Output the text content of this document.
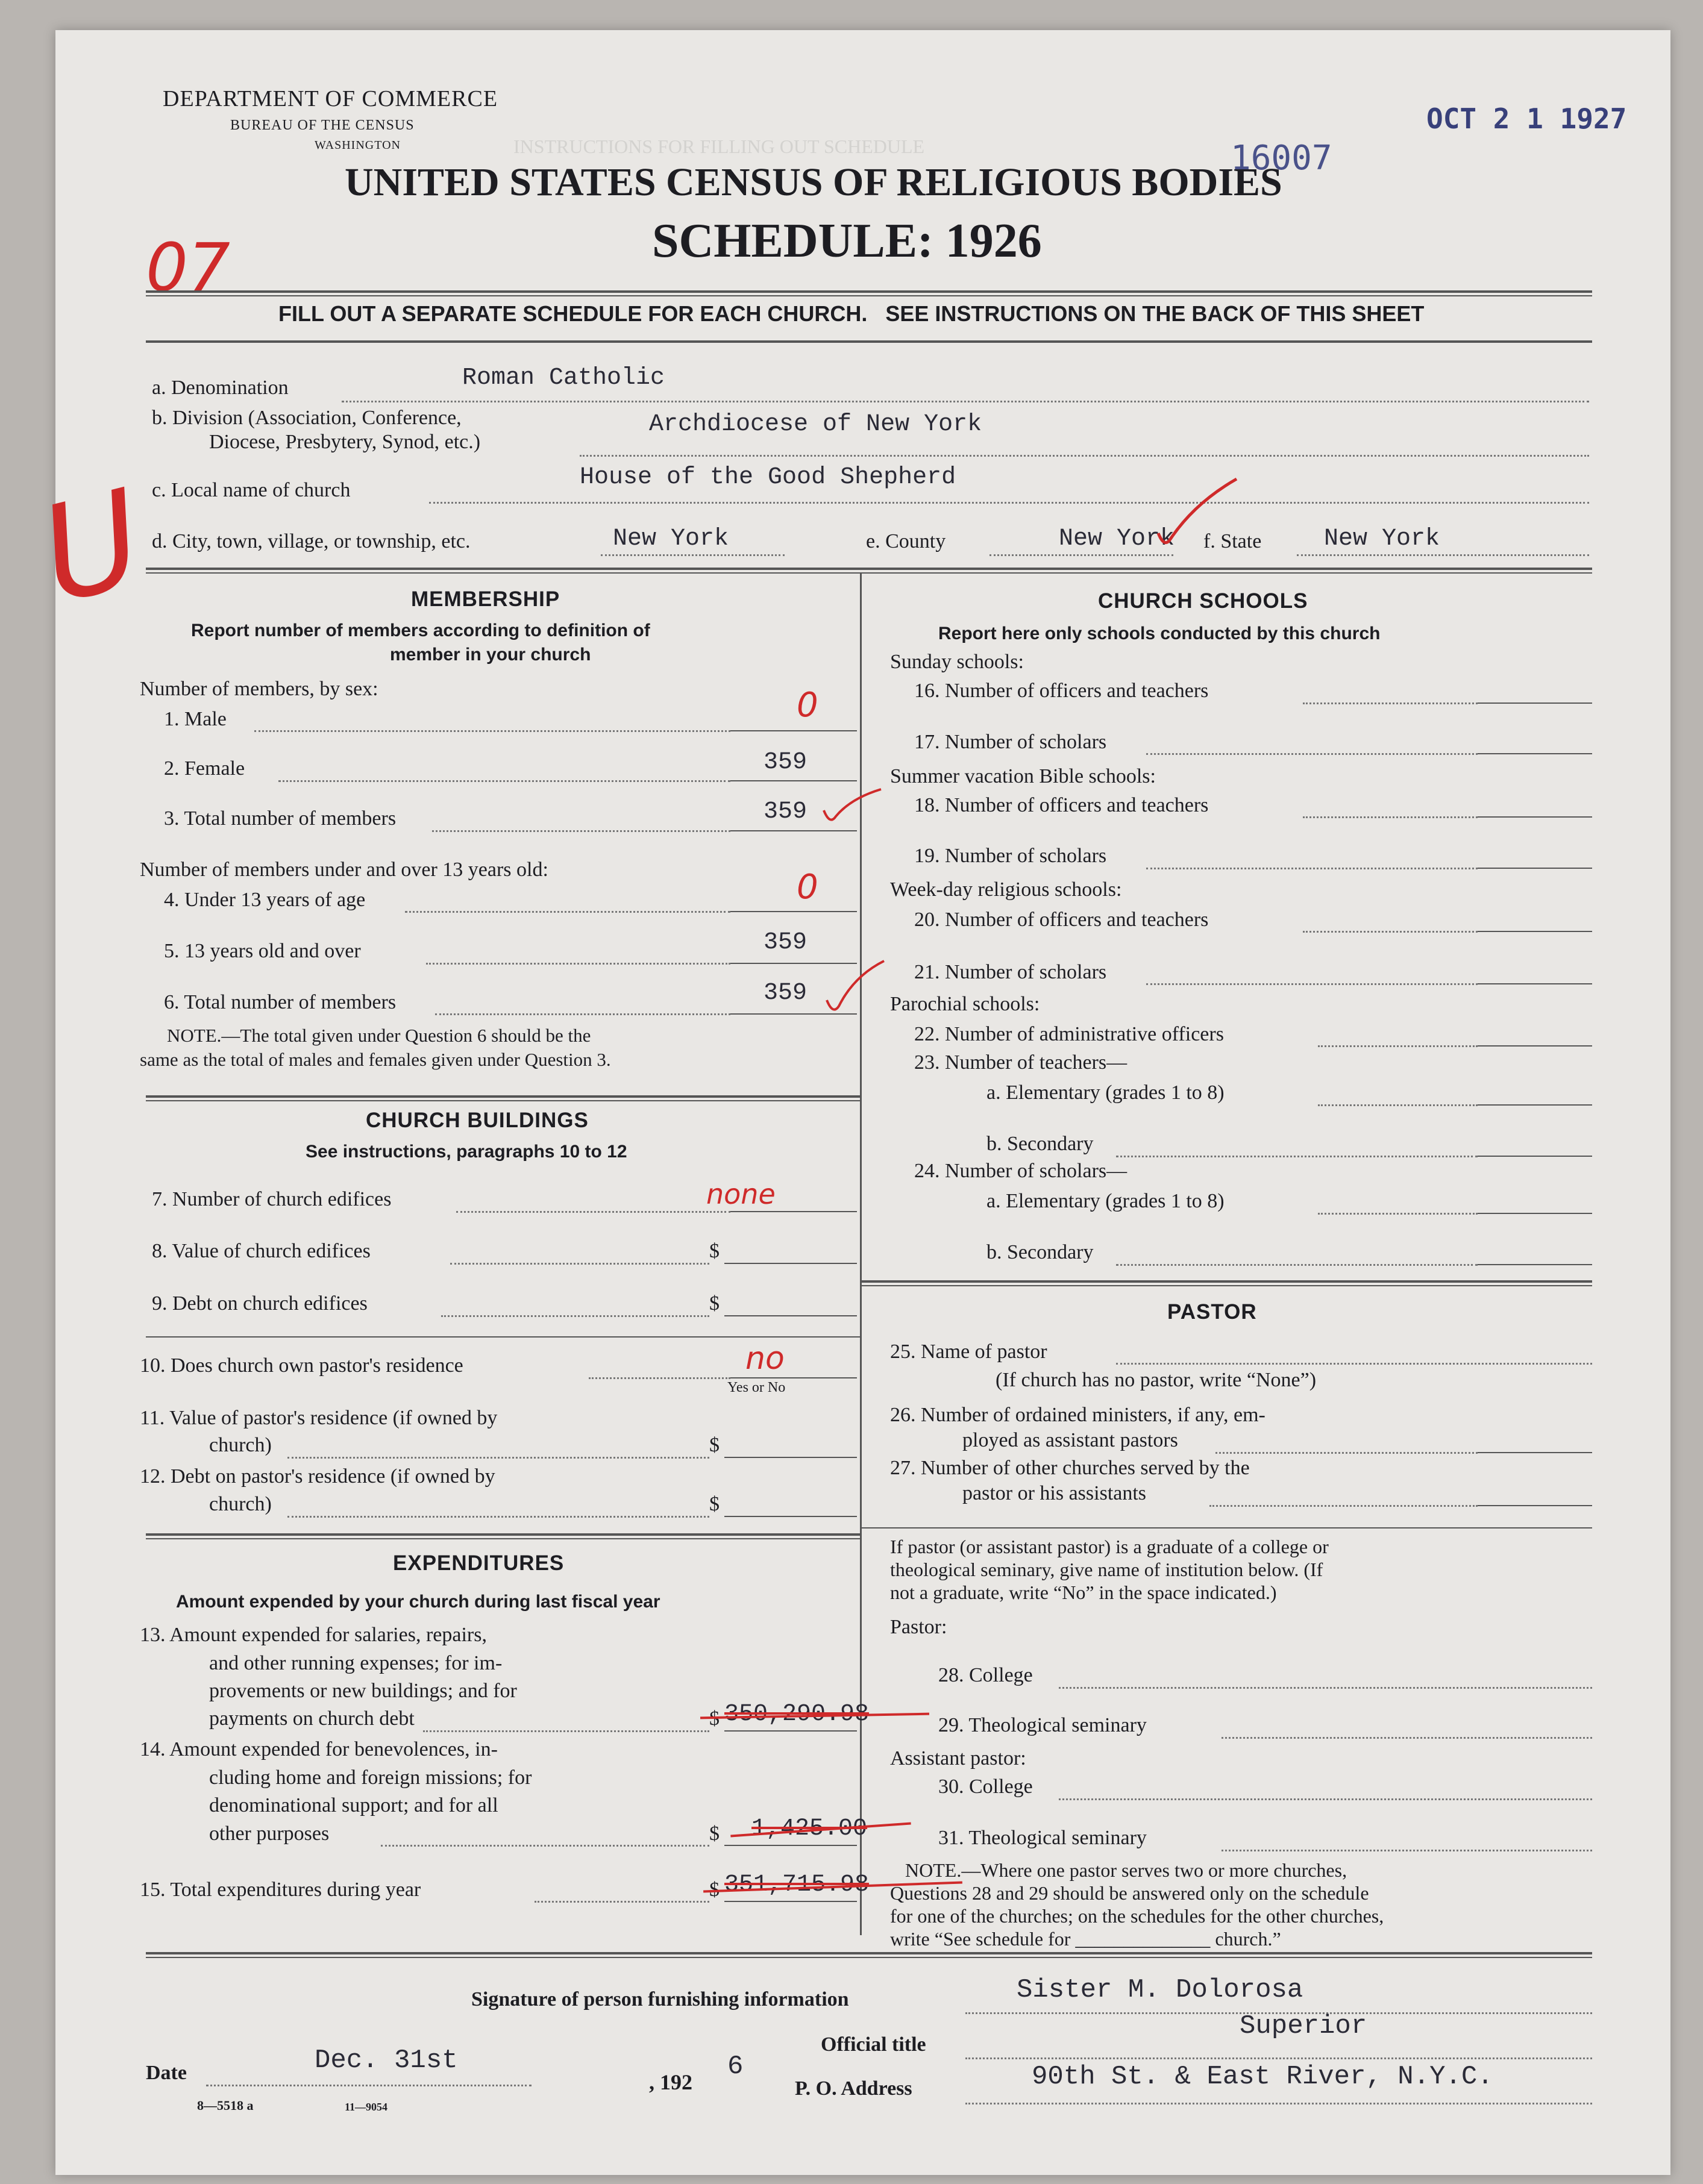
INSTRUCTIONS FOR FILLING OUT SCHEDULE
DEPARTMENT OF COMMERCE
BUREAU OF THE CENSUS
WASHINGTON
OCT 2 1 1927
16007
UNITED STATES CENSUS OF RELIGIOUS BODIES
SCHEDULE: 1926
07
FILL OUT A SEPARATE SCHEDULE FOR EACH CHURCH.   SEE INSTRUCTIONS ON THE BACK OF THIS SHEET
U
a. Denomination	Roman Catholic
b. Division (Association, Conference,
Diocese, Presbytery, Synod, etc.)
Archdiocese of New York
c. Local name of church	House of the Good Shepherd
d. City, town, village, or township, etc.	New York	e. County	New York f. State	New York
MEMBERSHIP
Report number of members according to definition of
member in your church
Number of members, by sex:
1. Male	0
2. Female	359
3. Total number of members	359
Number of members under and over 13 years old:
4. Under 13 years of age	0
5. 13 years old and over	359
6. Total number of members	359
NOTE.—The total given under Question 6 should be the
same as the total of males and females given under Question 3.
CHURCH BUILDINGS
See instructions, paragraphs 10 to 12
7. Number of church edifices	none
8. Value of church edifices	$
9. Debt on church edifices	$
10. Does church own pastor's residence	no
Yes or No
11. Value of pastor's residence (if owned by
church)	$
12. Debt on pastor's residence (if owned by
church)	$
EXPENDITURES
Amount expended by your church during last fiscal year
13. Amount expended for salaries, repairs,
and other running expenses; for im-
provements or new buildings; and for
payments on church debt	$ 350,290.98
14. Amount expended for benevolences, in-
cluding home and foreign missions; for
denominational support; and for all
other purposes	$ 1,425.00
15. Total expenditures during year	$ 351,715.98
CHURCH SCHOOLS
Report here only schools conducted by this church
Sunday schools:
16. Number of officers and teachers
17. Number of scholars
Summer vacation Bible schools:
18. Number of officers and teachers
19. Number of scholars
Week-day religious schools:
20. Number of officers and teachers
21. Number of scholars
Parochial schools:
22. Number of administrative officers
23. Number of teachers—
a. Elementary (grades 1 to 8)
b. Secondary
24. Number of scholars—
a. Elementary (grades 1 to 8)
b. Secondary
PASTOR
25. Name of pastor
(If church has no pastor, write “None”)
26. Number of ordained ministers, if any, em-
ployed as assistant pastors
27. Number of other churches served by the
pastor or his assistants
If pastor (or assistant pastor) is a graduate of a college or
theological seminary, give name of institution below. (If
not a graduate, write “No” in the space indicated.)
Pastor:
28. College
29. Theological seminary
Assistant pastor:
30. College
31. Theological seminary
NOTE.—Where one pastor serves two or more churches,
Questions 28 and 29 should be answered only on the schedule
for one of the churches; on the schedules for the other churches,
write “See schedule for ______________ church.”
Signature of person furnishing information	Sister M. Dolorosa
Official title
Superior
Date	Dec. 31st
, 192
6
P. O. Address	90th St. & East River, N.Y.C.
8—5518 a	11—9054
